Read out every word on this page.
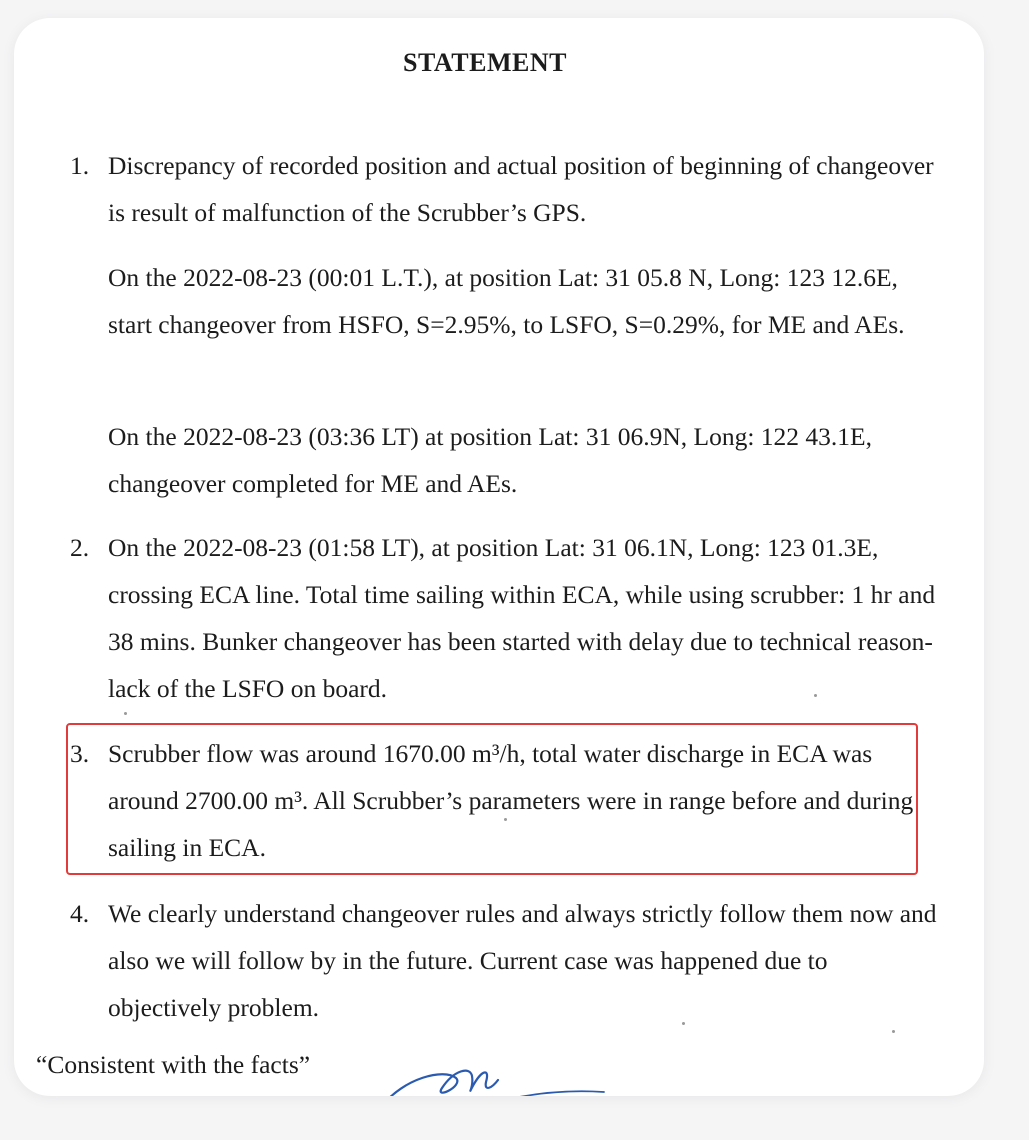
STATEMENT
1. Discrepancy of recorded position and actual position of beginning of changeover is result of malfunction of the Scrubber’s GPS.
On the 2022-08-23 (00:01 L.T.), at position Lat: 31 05.8 N, Long: 123 12.6E, start changeover from HSFO, S=2.95%, to LSFO, S=0.29%, for ME and AEs.
On the 2022-08-23 (03:36 LT) at position Lat: 31 06.9N, Long: 122 43.1E, changeover completed for ME and AEs.
2. On the 2022-08-23 (01:58 LT), at position Lat: 31 06.1N, Long: 123 01.3E, crossing ECA line. Total time sailing within ECA, while using scrubber: 1 hr and 38 mins. Bunker changeover has been started with delay due to technical reason- lack of the LSFO on board.
3. Scrubber flow was around 1670.00 m³/h, total water discharge in ECA was around 2700.00 m³. All Scrubber’s parameters were in range before and during sailing in ECA.
4. We clearly understand changeover rules and always strictly follow them now and also we will follow by in the future. Current case was happened due to objectively problem.
“Consistent with the facts”
